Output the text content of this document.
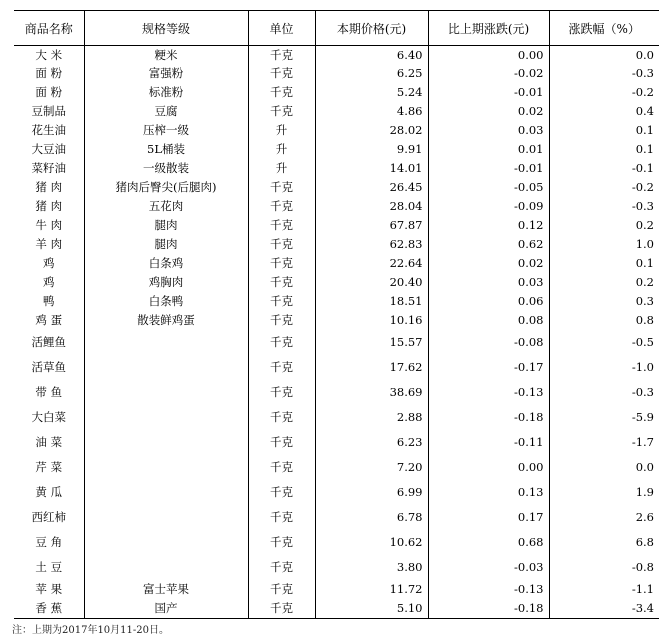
商品名称	规格等级	单位	本期价格(元)	比上期涨跌(元)	涨跌幅（%）
大 米	粳米	千克	6.40	0.00	0.0
面 粉	富强粉	千克	6.25	-0.02	-0.3
面 粉	标准粉	千克	5.24	-0.01	-0.2
豆制品	豆腐	千克	4.86	0.02	0.4
花生油	压榨一级	升	28.02	0.03	0.1
大豆油	5L桶装	升	9.91	0.01	0.1
菜籽油	一级散装	升	14.01	-0.01	-0.1
猪 肉	猪肉后臀尖(后腿肉)	千克	26.45	-0.05	-0.2
猪 肉	五花肉	千克	28.04	-0.09	-0.3
牛 肉	腿肉	千克	67.87	0.12	0.2
羊 肉	腿肉	千克	62.83	0.62	1.0
鸡	白条鸡	千克	22.64	0.02	0.1
鸡	鸡胸肉	千克	20.40	0.03	0.2
鸭	白条鸭	千克	18.51	0.06	0.3
鸡 蛋	散装鲜鸡蛋	千克	10.16	0.08	0.8
活鲤鱼		千克	15.57	-0.08	-0.5
活草鱼		千克	17.62	-0.17	-1.0
带 鱼		千克	38.69	-0.13	-0.3
大白菜		千克	2.88	-0.18	-5.9
油 菜		千克	6.23	-0.11	-1.7
芹 菜		千克	7.20	0.00	0.0
黄 瓜		千克	6.99	0.13	1.9
西红柿		千克	6.78	0.17	2.6
豆 角		千克	10.62	0.68	6.8
土 豆		千克	3.80	-0.03	-0.8
苹 果	富士苹果	千克	11.72	-0.13	-1.1
香 蕉	国产	千克	5.10	-0.18	-3.4
注：上期为2017年10月11-20日。
